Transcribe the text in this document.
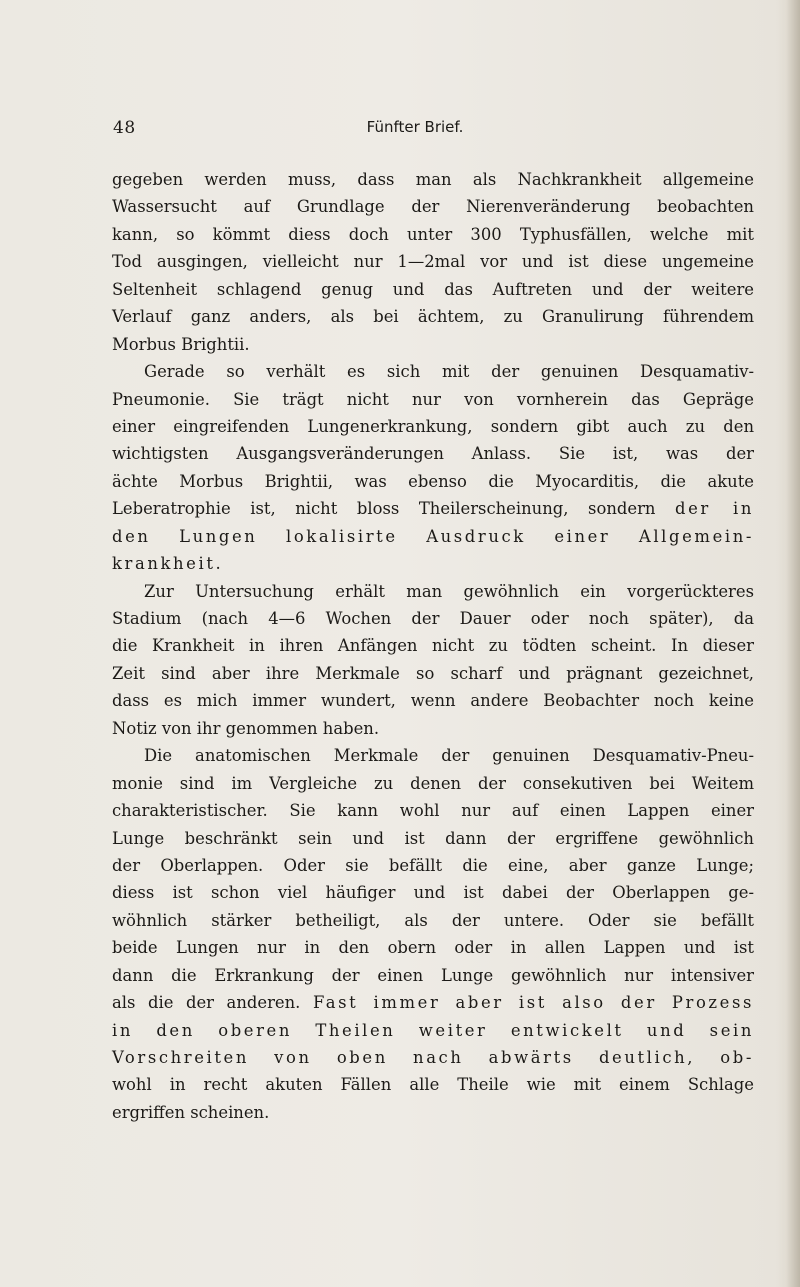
48	Fünfter Brief.
gegeben werden muss, dass man als Nachkrankheit allgemeine
Wassersucht auf Grundlage der Nierenveränderung beobachten
kann, so kömmt diess doch unter 300 Typhusfällen, welche mit
Tod ausgingen, vielleicht nur 1—2mal vor und ist diese ungemeine
Seltenheit schlagend genug und das Auftreten und der weitere
Verlauf ganz anders, als bei ächtem, zu Granulirung führendem
Morbus Brightii.
Gerade so verhält es sich mit der genuinen Desquamativ-
Pneumonie. Sie trägt nicht nur von vornherein das Gepräge
einer eingreifenden Lungenerkrankung, sondern gibt auch zu den
wichtigsten Ausgangsveränderungen Anlass. Sie ist, was der
ächte Morbus Brightii, was ebenso die Myocarditis, die akute
Leberatrophie ist, nicht bloss Theilerscheinung, sondern der in
den Lungen lokalisirte Ausdruck einer Allgemein-
krankheit.
Zur Untersuchung erhält man gewöhnlich ein vorgerückteres
Stadium (nach 4—6 Wochen der Dauer oder noch später), da
die Krankheit in ihren Anfängen nicht zu tödten scheint. In dieser
Zeit sind aber ihre Merkmale so scharf und prägnant gezeichnet,
dass es mich immer wundert, wenn andere Beobachter noch keine
Notiz von ihr genommen haben.
Die anatomischen Merkmale der genuinen Desquamativ-Pneu-
monie sind im Vergleiche zu denen der consekutiven bei Weitem
charakteristischer. Sie kann wohl nur auf einen Lappen einer
Lunge beschränkt sein und ist dann der ergriffene gewöhnlich
der Oberlappen. Oder sie befällt die eine, aber ganze Lunge;
diess ist schon viel häufiger und ist dabei der Oberlappen ge-
wöhnlich stärker betheiligt, als der untere. Oder sie befällt
beide Lungen nur in den obern oder in allen Lappen und ist
dann die Erkrankung der einen Lunge gewöhnlich nur intensiver
als die der anderen. Fast immer aber ist also der Prozess
in den oberen Theilen weiter entwickelt und sein
Vorschreiten von oben nach abwärts deutlich, ob-
wohl in recht akuten Fällen alle Theile wie mit einem Schlage
ergriffen scheinen.
